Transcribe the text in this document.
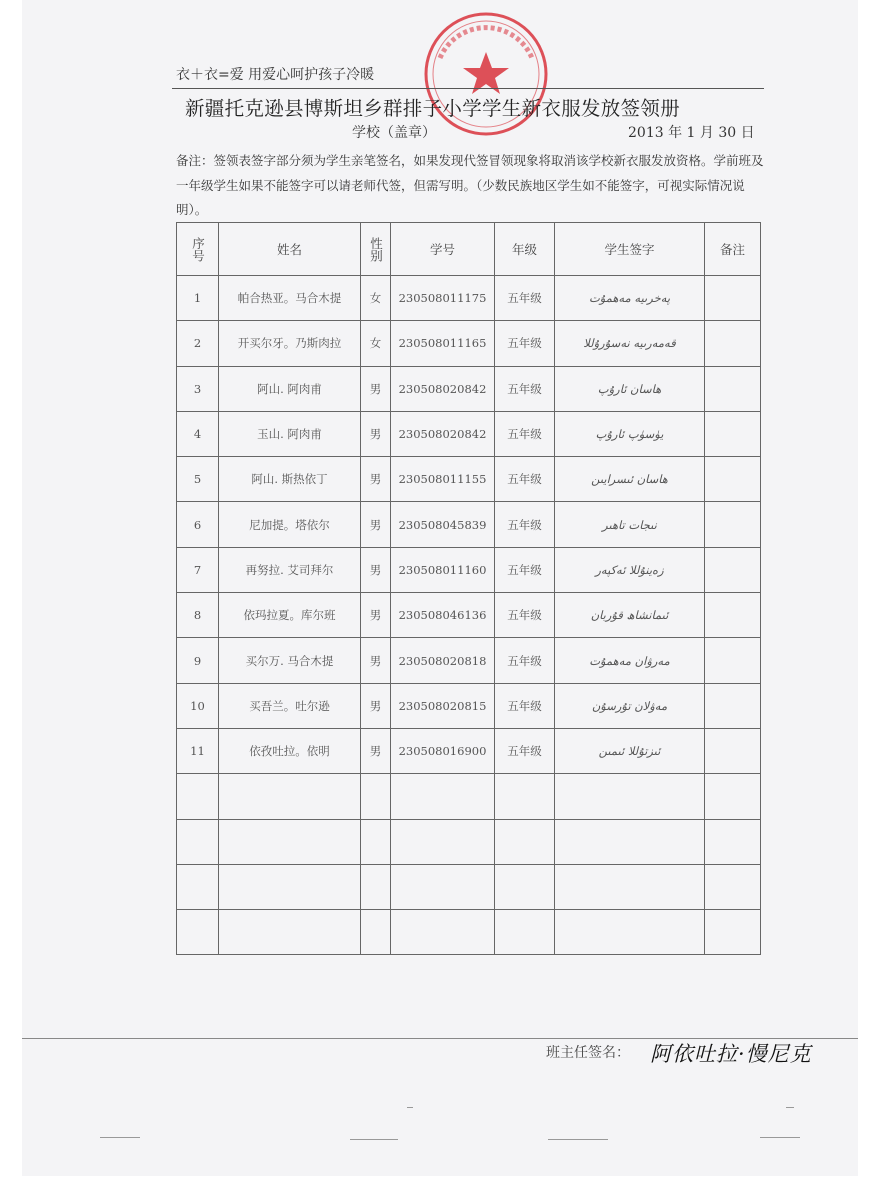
衣＋衣=爱 用爱心呵护孩子冷暖
新疆托克逊县博斯坦乡群排子小学学生新衣服发放签领册
学校（盖章）	2013 年 1 月 30 日
备注：签领表签字部分须为学生亲笔签名，如果发现代签冒领现象将取消该学校新衣服发放资格。学前班及一年级学生如果不能签字可以请老师代签，但需写明。（少数民族地区学生如不能签字，可视实际情况说明）。
序号	姓名	性别	学号	年级	学生签字	备注
1	帕合热亚。马合木提	女	230508011175	五年级	پەخرىيە مەھمۇت	
2	开买尔牙。乃斯肉拉	女	230508011165	五年级	قەمەرىيە نەسۇرۇللا	
3	阿山. 阿肉甫	男	230508020842	五年级	ھاسان ئارۇپ	
4	玉山. 阿肉甫	男	230508020842	五年级	يۈسۈپ ئارۇپ	
5	阿山. 斯热依丁	男	230508011155	五年级	ھاسان ئىسرايىن	
6	尼加提。塔依尔	男	230508045839	五年级	نىجات تاھىر	
7	再努拉. 艾司拜尔	男	230508011160	五年级	زەينۇللا ئەكپەر	
8	依玛拉夏。库尔班	男	230508046136	五年级	ئىمانشاھ قۇربان	
9	买尔万. 马合木提	男	230508020818	五年级	مەرۋان مەھمۇت	
10	买吾兰。吐尔逊	男	230508020815	五年级	مەۋلان تۇرسۇن	
11	依孜吐拉。依明	男	230508016900	五年级	ئىزتۇللا ئىمىن	

班主任签名： 阿依吐拉·慢尼克
